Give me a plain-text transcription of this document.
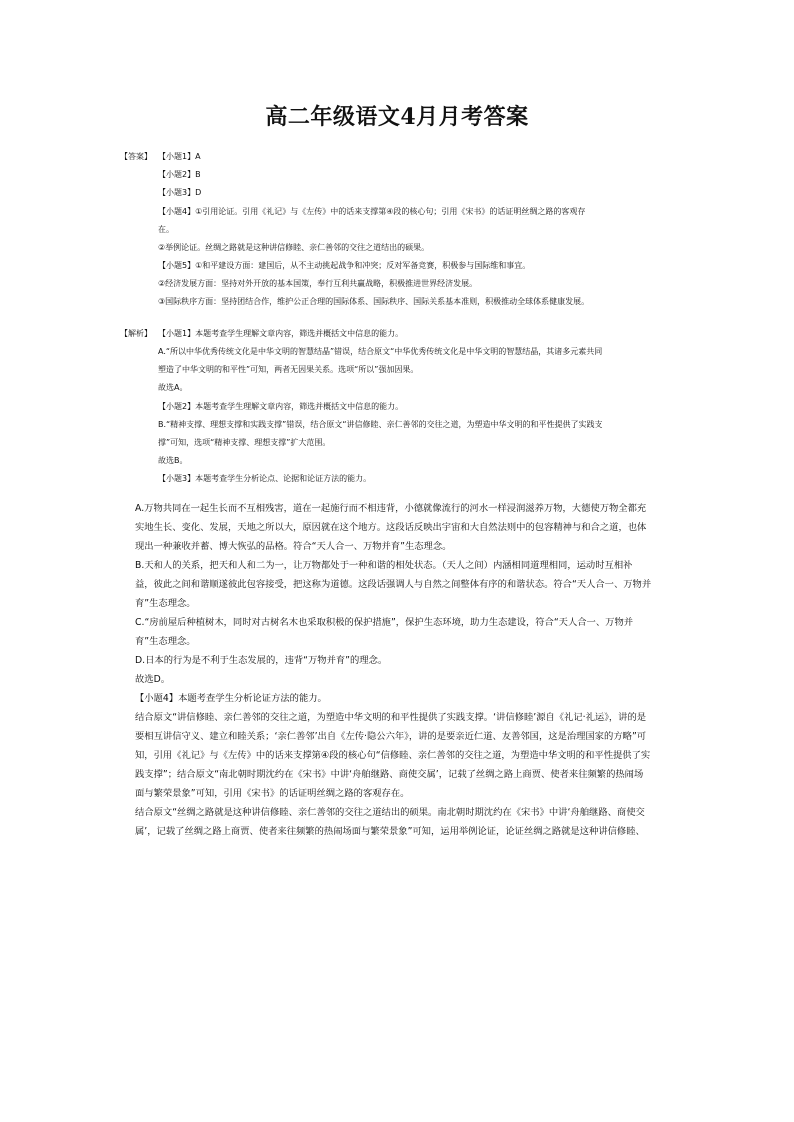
高二年级语文4月月考答案
【答案】 【小题1】A
【小题2】B
【小题3】D
【小题4】①引用论证。引用《礼记》与《左传》中的话来支撑第④段的核心句；引用《宋书》的话证明丝绸之路的客观存
在。
②举例论证。丝绸之路就是这种讲信修睦、亲仁善邻的交往之道结出的硕果。
【小题5】①和平建设方面：建国后，从不主动挑起战争和冲突；反对军备竞赛，积极参与国际维和事宜。
②经济发展方面：坚持对外开放的基本国策，奉行互利共赢战略，积极推进世界经济发展。
③国际秩序方面：坚持团结合作，维护公正合理的国际体系、国际秩序、国际关系基本准则，积极推动全球体系健康发展。
【解析】 【小题1】本题考查学生理解文章内容，筛选并概括文中信息的能力。
A.“所以中华优秀传统文化是中华文明的智慧结晶”错误，结合原文“中华优秀传统文化是中华文明的智慧结晶，其诸多元素共同
塑造了中华文明的和平性”可知，两者无因果关系。选项“所以”强加因果。
故选A。
【小题2】本题考查学生理解文章内容，筛选并概括文中信息的能力。
B.“精神支撑、理想支撑和实践支撑”错误，结合原文“讲信修睦、亲仁善邻的交往之道，为塑造中华文明的和平性提供了实践支
撑”可知，选项“精神支撑、理想支撑”扩大范围。
故选B。
【小题3】本题考查学生分析论点、论据和论证方法的能力。
A.万物共同在一起生长而不互相残害，道在一起施行而不相违背，小德就像流行的河水一样浸润滋养万物，大德使万物全都充
实地生长、变化、发展，天地之所以大，原因就在这个地方。这段话反映出宇宙和大自然法则中的包容精神与和合之道，也体
现出一种兼收并蓄、博大恢弘的品格。符合“天人合一、万物并育”生态理念。
B.天和人的关系，把天和人和二为一，让万物都处于一种和谐的相处状态。（天人之间）内涵相同道理相同，运动时互相补
益，彼此之间和谐顺遂彼此包容接受，把这称为道德。这段话强调人与自然之间整体有序的和谐状态。符合“天人合一、万物并
育”生态理念。
C.“房前屋后种植树木，同时对古树名木也采取积极的保护措施”，保护生态环境，助力生态建设，符合“天人合一、万物并
育”生态理念。
D.日本的行为是不利于生态发展的，违背“万物并育”的理念。
故选D。
【小题4】本题考查学生分析论证方法的能力。
结合原文“讲信修睦、亲仁善邻的交往之道，为塑造中华文明的和平性提供了实践支撑。‘讲信修睦’源自《礼记·礼运》，讲的是
要相互讲信守义、建立和睦关系；‘亲仁善邻’出自《左传·隐公六年》，讲的是要亲近仁道、友善邻国，这是治理国家的方略”可
知，引用《礼记》与《左传》中的话来支撑第④段的核心句“信修睦、亲仁善邻的交往之道，为塑造中华文明的和平性提供了实
践支撑”；结合原文“南北朝时期沈约在《宋书》中讲‘舟舶继路、商使交属’，记载了丝绸之路上商贾、使者来往频繁的热闹场
面与繁荣景象”可知，引用《宋书》的话证明丝绸之路的客观存在。
结合原文“丝绸之路就是这种讲信修睦、亲仁善邻的交往之道结出的硕果。南北朝时期沈约在《宋书》中讲‘舟舶继路、商使交
属’，记载了丝绸之路上商贾、使者来往频繁的热闹场面与繁荣景象”可知，运用举例论证，论证丝绸之路就是这种讲信修睦、
